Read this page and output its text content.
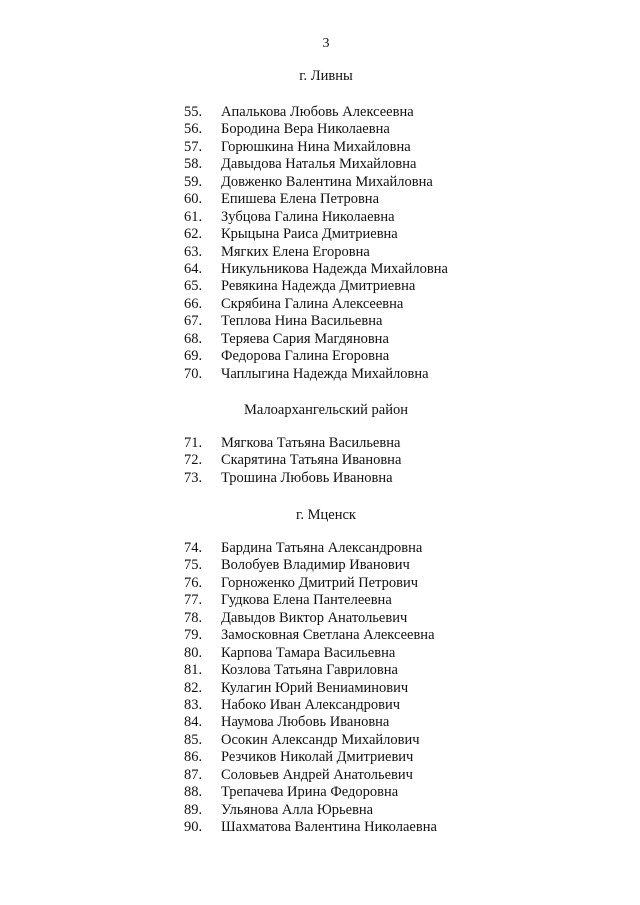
3
г. Ливны
55.	Апалькова Любовь Алексеевна
56.	Бородина Вера Николаевна
57.	Горюшкина Нина Михайловна
58.	Давыдова Наталья Михайловна
59.	Довженко Валентина Михайловна
60.	Епишева Елена Петровна
61.	Зубцова Галина Николаевна
62.	Крыцына Раиса Дмитриевна
63.	Мягких Елена Егоровна
64.	Никульникова Надежда Михайловна
65.	Ревякина Надежда Дмитриевна
66.	Скрябина Галина Алексеевна
67.	Теплова Нина Васильевна
68.	Теряева Сария Магдяновна
69.	Федорова Галина Егоровна
70.	Чаплыгина Надежда Михайловна
Малоархангельский район
71.	Мягкова Татьяна Васильевна
72.	Скарятина Татьяна Ивановна
73.	Трошина Любовь Ивановна
г. Мценск
74.	Бардина Татьяна Александровна
75.	Волобуев Владимир Иванович
76.	Горноженко Дмитрий Петрович
77.	Гудкова Елена Пантелеевна
78.	Давыдов Виктор Анатольевич
79.	Замосковная Светлана Алексеевна
80.	Карпова Тамара Васильевна
81.	Козлова Татьяна Гавриловна
82.	Кулагин Юрий Вениаминович
83.	Набоко Иван Александрович
84.	Наумова Любовь Ивановна
85.	Осокин Александр Михайлович
86.	Резчиков Николай Дмитриевич
87.	Соловьев Андрей Анатольевич
88.	Трепачева Ирина Федоровна
89.	Ульянова Алла Юрьевна
90.	Шахматова Валентина Николаевна
